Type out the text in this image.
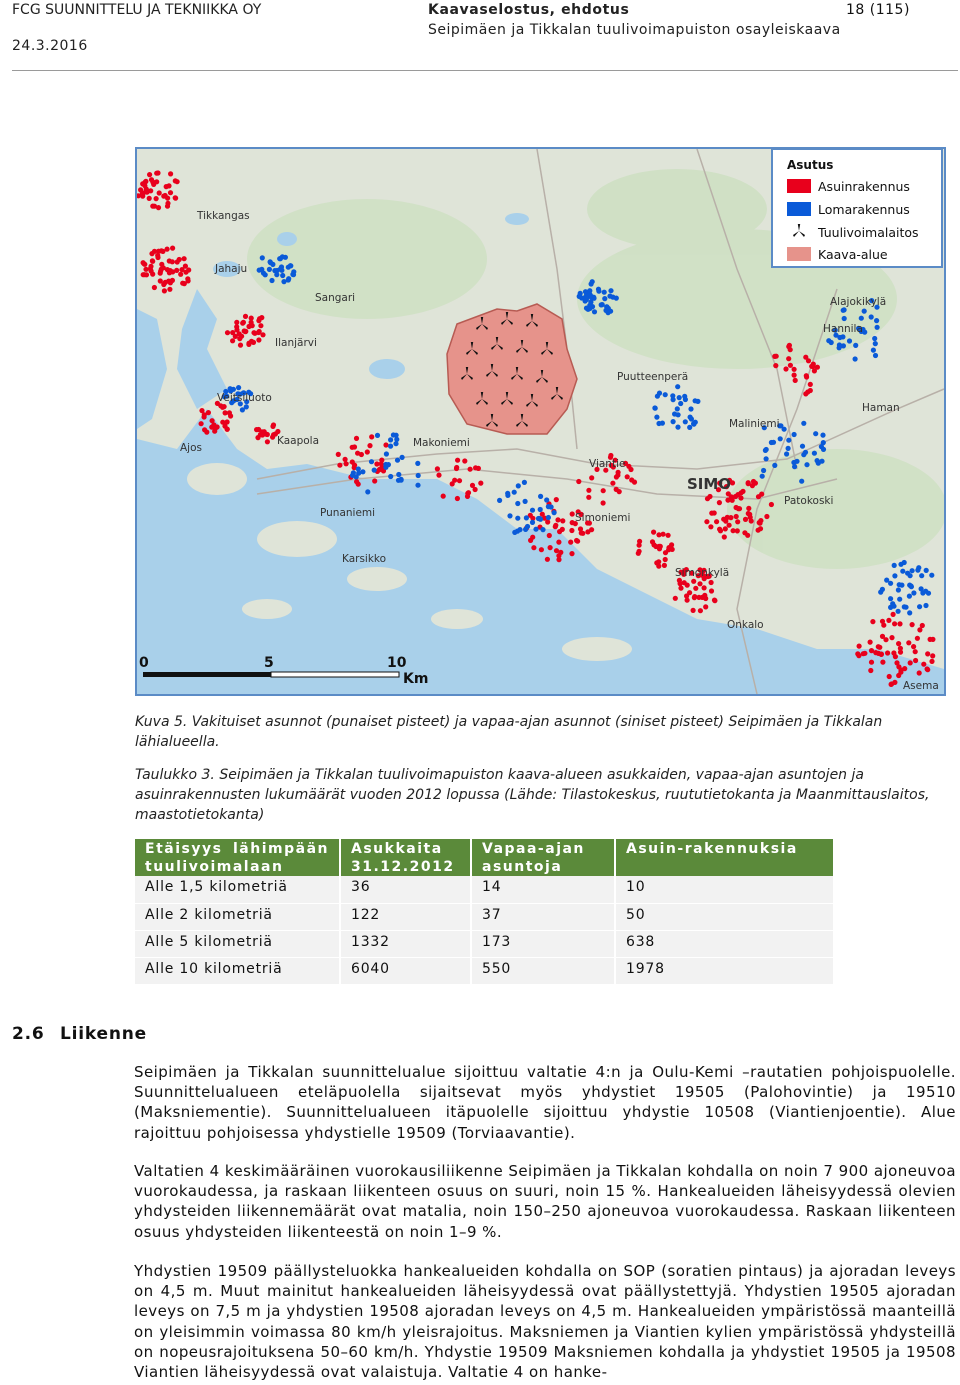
FCG SUUNNITTELU JA TEKNIIKKA OY
24.3.2016
Kaavaselostus, ehdotus
Seipimäen ja Tikkalan tuulivoimapuiston osayleiskaava
18 (115)
Tikkangas
Jahaju
Sangari
Ilanjärvi
Veitsiluoto
Ajos
Kaapola	Makoniemi
Viantie
Puutteenperä
Alajokikylä
Hannila
Haman
Maliniemi
SIMO
Patokoski
Simoniemi
Punaniemi
Karsikko
Simonkylä
Onkalo
Asema
0	5	10
Km
Asutus
Asuinrakennus
Lomarakennus
Tuulivoimalaitos
Kaava-alue
Kuva 5. Vakituiset asunnot (punaiset pisteet) ja vapaa-ajan asunnot (siniset pisteet) Seipimäen ja Tikkalan lähialueella.
Taulukko 3. Seipimäen ja Tikkalan tuulivoimapuiston kaava-alueen asukkaiden, vapaa-ajan asuntojen ja asuinrakennusten lukumäärät vuoden 2012 lopussa (Lähde: Tilastokeskus, ruututietokanta ja Maanmittauslaitos, maastotietokanta)
Etäisyys lähimpään tuulivoimalaan	Asukkaita 31.12.2012	Vapaa-ajan asuntoja	Asuin-rakennuksia
Alle 1,5 kilometriä	36	14	10
Alle 2 kilometriä	122	37	50
Alle 5 kilometriä	1332	173	638
Alle 10 kilometriä	6040	550	1978
2.6 Liikenne

Seipimäen ja Tikkalan suunnittelualue sijoittuu valtatie 4:n ja Oulu-Kemi –rautatien pohjoispuolelle. Suunnittelualueen eteläpuolella sijaitsevat myös yhdystiet 19505 (Palohovintie) ja 19510 (Maksniementie). Suunnittelualueen itäpuolelle sijoittuu yhdystie 10508 (Viantienjoentie). Alue rajoittuu pohjoisessa yhdystielle 19509 (Torviaavantie).

Valtatien 4 keskimääräinen vuorokausiliikenne Seipimäen ja Tikkalan kohdalla on noin 7 900 ajoneuvoa vuorokaudessa, ja raskaan liikenteen osuus on suuri, noin 15 %. Hankealueiden läheisyydessä olevien yhdysteiden liikennemäärät ovat matalia, noin 150–250 ajoneuvoa vuorokaudessa. Raskaan liikenteen osuus yhdysteiden liikenteestä on noin 1–9 %.

Yhdystien 19509 päällysteluokka hankealueiden kohdalla on SOP (soratien pintaus) ja ajoradan leveys on 4,5 m. Muut mainitut hankealueiden läheisyydessä ovat päällystettyjä. Yhdystien 19505 ajoradan leveys on 7,5 m ja yhdystien 19508 ajoradan leveys on 4,5 m. Hankealueiden ympäristössä maanteillä on yleisimmin voimassa 80 km/h yleisrajoitus. Maksniemen ja Viantien kylien ympäristössä yhdysteillä on nopeusrajoituksena 50–60 km/h. Yhdystie 19509 Maksniemen kohdalla ja yhdystiet 19505 ja 19508 Viantien läheisyydessä ovat valaistuja. Valtatie 4 on hanke-
